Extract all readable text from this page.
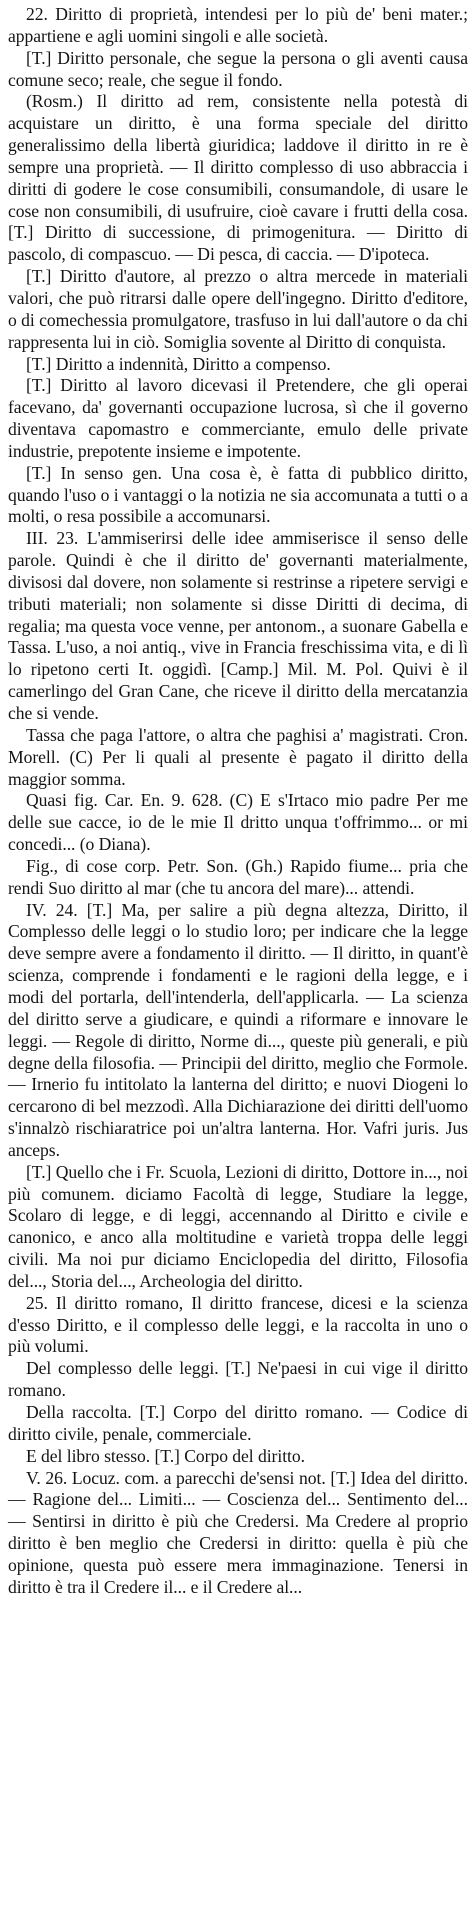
22. Diritto di proprietà, intendesi per lo più de' beni mater.; appartiene e agli uomini singoli e alle società.

[T.] Diritto personale, che segue la persona o gli aventi causa comune seco; reale, che segue il fondo.

(Rosm.) Il diritto ad rem, consistente nella potestà di acquistare un diritto, è una forma speciale del diritto generalissimo della libertà giuridica; laddove il diritto in re è sempre una proprietà. — Il diritto complesso di uso abbraccia i diritti di godere le cose consumibili, consumandole, di usare le cose non consumibili, di usufruire, cioè cavare i frutti della cosa. [T.] Diritto di successione, di primogenitura. — Diritto di pascolo, di compascuo. — Di pesca, di caccia. — D'ipoteca.

[T.] Diritto d'autore, al prezzo o altra mercede in materiali valori, che può ritrarsi dalle opere dell'ingegno. Diritto d'editore, o di comechessia promulgatore, trasfuso in lui dall'autore o da chi rappresenta lui in ciò. Somiglia sovente al Diritto di conquista.

[T.] Diritto a indennità, Diritto a compenso.

[T.] Diritto al lavoro dicevasi il Pretendere, che gli operai facevano, da' governanti occupazione lucrosa, sì che il governo diventava capomastro e commerciante, emulo delle private industrie, prepotente insieme e impotente.

[T.] In senso gen. Una cosa è, è fatta di pubblico diritto, quando l'uso o i vantaggi o la notizia ne sia accomunata a tutti o a molti, o resa possibile a accomunarsi.

III. 23. L'ammiserirsi delle idee ammiserisce il senso delle parole. Quindi è che il diritto de' governanti materialmente, divisosi dal dovere, non solamente si restrinse a ripetere servigi e tributi materiali; non solamente si disse Diritti di decima, di regalia; ma questa voce venne, per antonom., a suonare Gabella e Tassa. L'uso, a noi antiq., vive in Francia freschissima vita, e di lì lo ripetono certi It. oggidì. [Camp.] Mil. M. Pol. Quivi è il camerlingo del Gran Cane, che riceve il diritto della mercatanzia che si vende.

Tassa che paga l'attore, o altra che paghisi a' magistrati. Cron. Morell. (C) Per li quali al presente è pagato il diritto della maggior somma.

Quasi fig. Car. En. 9. 628. (C) E s'Irtaco mio padre Per me delle sue cacce, io de le mie Il dritto unqua t'offrimmo... or mi concedi... (o Diana).

Fig., di cose corp. Petr. Son. (Gh.) Rapido fiume... pria che rendi Suo diritto al mar (che tu ancora del mare)... attendi.

IV. 24. [T.] Ma, per salire a più degna altezza, Diritto, il Complesso delle leggi o lo studio loro; per indicare che la legge deve sempre avere a fondamento il diritto. — Il diritto, in quant'è scienza, comprende i fondamenti e le ragioni della legge, e i modi del portarla, dell'intenderla, dell'applicarla. — La scienza del diritto serve a giudicare, e quindi a riformare e innovare le leggi. — Regole di diritto, Norme di..., queste più generali, e più degne della filosofia. — Principii del diritto, meglio che Formole. — Irnerio fu intitolato la lanterna del diritto; e nuovi Diogeni lo cercarono di bel mezzodì. Alla Dichiarazione dei diritti dell'uomo s'innalzò rischiaratrice poi un'altra lanterna. Hor. Vafri juris. Jus anceps.

[T.] Quello che i Fr. Scuola, Lezioni di diritto, Dottore in..., noi più comunem. diciamo Facoltà di legge, Studiare la legge, Scolaro di legge, e di leggi, accennando al Diritto e civile e canonico, e anco alla moltitudine e varietà troppa delle leggi civili. Ma noi pur diciamo Enciclopedia del diritto, Filosofia del..., Storia del..., Archeologia del diritto.

25. Il diritto romano, Il diritto francese, dicesi e la scienza d'esso Diritto, e il complesso delle leggi, e la raccolta in uno o più volumi.

Del complesso delle leggi. [T.] Ne'paesi in cui vige il diritto romano.

Della raccolta. [T.] Corpo del diritto romano. — Codice di diritto civile, penale, commerciale.

E del libro stesso. [T.] Corpo del diritto.

V. 26. Locuz. com. a parecchi de'sensi not. [T.] Idea del diritto. — Ragione del... Limiti... — Coscienza del... Sentimento del... — Sentirsi in diritto è più che Credersi. Ma Credere al proprio diritto è ben meglio che Credersi in diritto: quella è più che opinione, questa può essere mera immaginazione. Tenersi in diritto è tra il Credere il... e il Credere al...
